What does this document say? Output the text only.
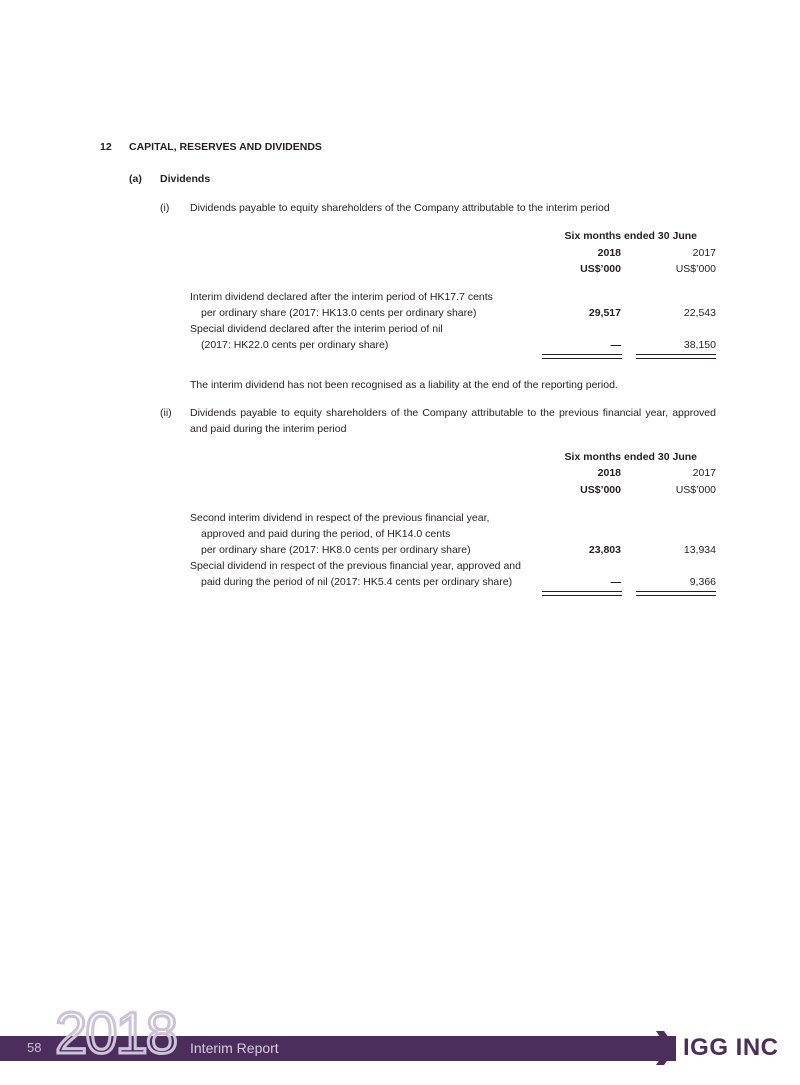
12 CAPITAL, RESERVES AND DIVIDENDS
(a) Dividends
(i) Dividends payable to equity shareholders of the Company attributable to the interim period
Six months ended 30 June
2018	2017
US$’000	US$’000
Interim dividend declared after the interim period of HK17.7 cents
per ordinary share (2017: HK13.0 cents per ordinary share)	29,517	22,543
Special dividend declared after the interim period of nil
(2017: HK22.0 cents per ordinary share)	—	38,150
The interim dividend has not been recognised as a liability at the end of the reporting period.
(ii) Dividends payable to equity shareholders of the Company attributable to the previous financial year, approved
and paid during the interim period
Six months ended 30 June
2018	2017
US$’000	US$’000
Second interim dividend in respect of the previous financial year,
approved and paid during the period, of HK14.0 cents
per ordinary share (2017: HK8.0 cents per ordinary share)	23,803	13,934
Special dividend in respect of the previous financial year, approved and
paid during the period of nil (2017: HK5.4 cents per ordinary share)	—	9,366
2018
58	Interim Report	IGG INC
